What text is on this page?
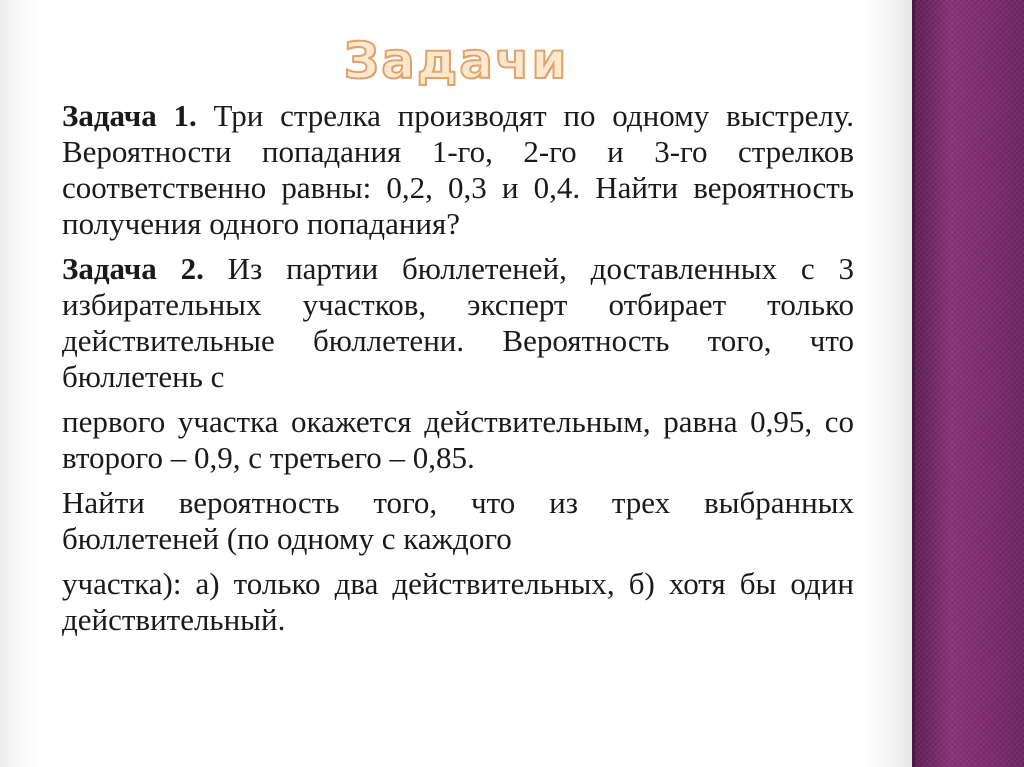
Задачи

Задача 1. Три стрелка производят по одному выстрелу. Вероятности попадания 1-го, 2-го и 3-го стрелков соответственно равны: 0,2, 0,3 и 0,4. Найти вероятность получения одного попадания?

Задача 2. Из партии бюллетеней, доставленных с 3 избирательных участков, эксперт отбирает только действительные бюллетени. Вероятность того, что бюллетень с

первого участка окажется действительным, равна 0,95, со второго – 0,9, с третьего – 0,85.

Найти вероятность того, что из трех выбранных бюллетеней (по одному с каждого

участка): а) только два действительных, б) хотя бы один действительный.
